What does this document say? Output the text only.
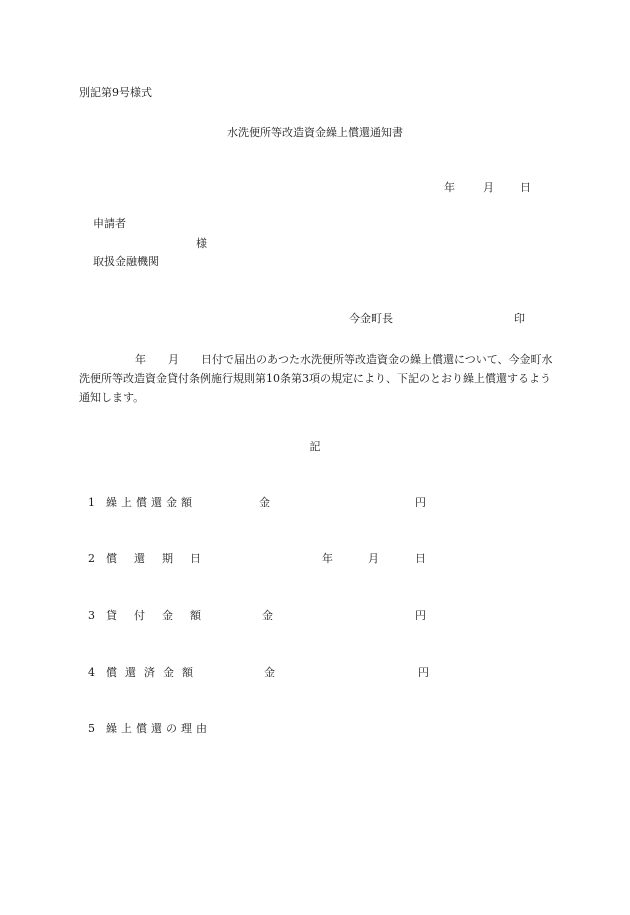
別記第9号様式
水洗便所等改造資金繰上償還通知書
年	月 日
申請者
様
取扱金融機関
今金町長	印
年　　月　　日付で届出のあつた水洗便所等改造資金の繰上償還について、今金町水洗便所等改造資金貸付条例施行規則第10条第3項の規定により、下記のとおり繰上償還するよう通知します。
記
1 繰上償還金額	金	円
2 償還期日	年	月	日
3 貸付金額	金	円
4 償還済金額	金	円
5 繰上償還の理由
